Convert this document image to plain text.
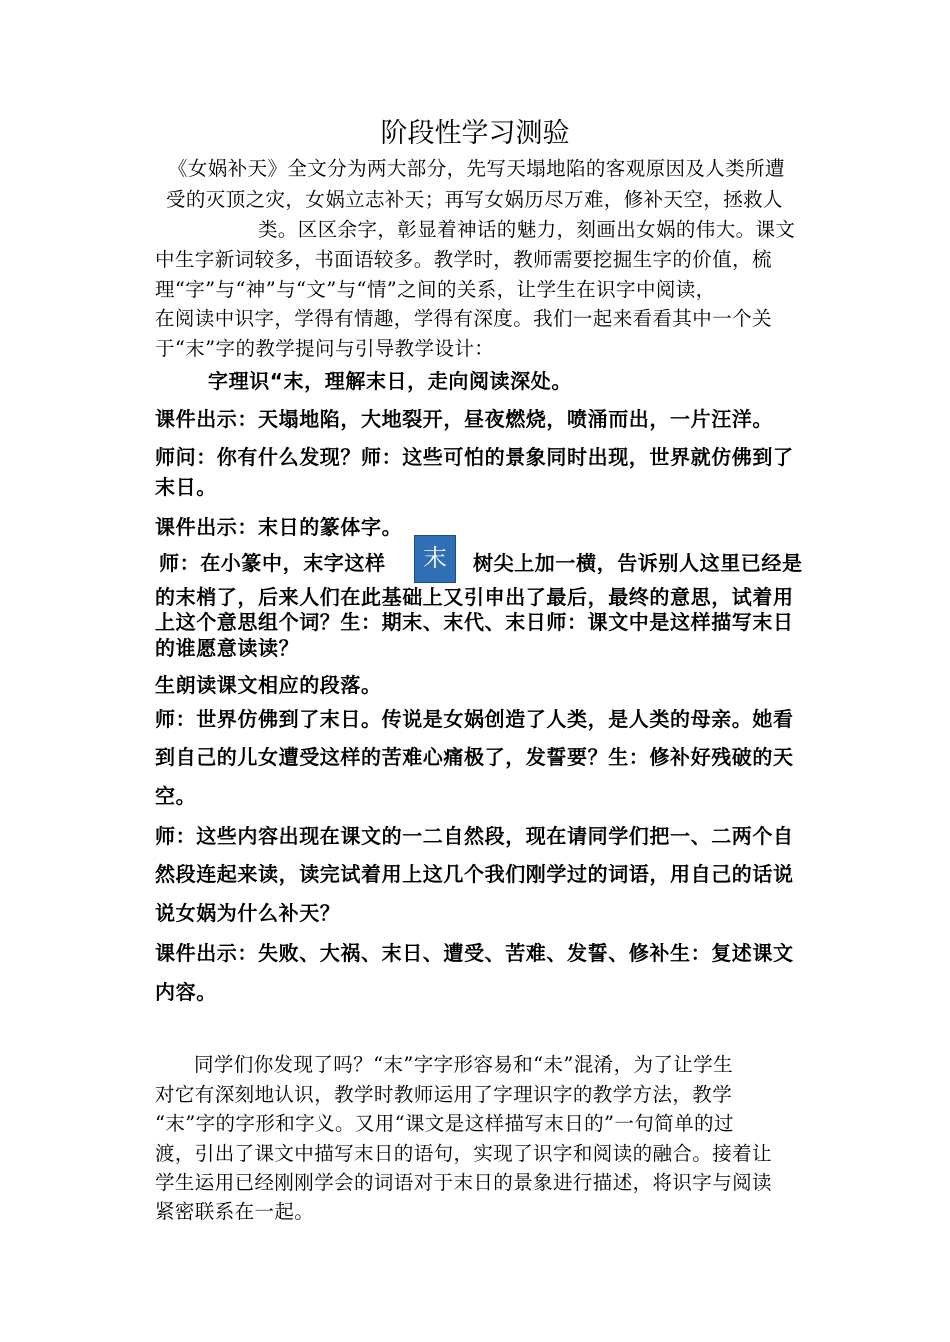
阶段性学习测验
《女娲补天》全文分为两大部分，先写天塌地陷的客观原因及人类所遭
受的灭顶之灾，女娲立志补天；再写女娲历尽万难，修补天空，拯救人
类。区区余字，彰显着神话的魅力，刻画出女娲的伟大。课文
中生字新词较多，书面语较多。教学时，教师需要挖掘生字的价值，梳
理“字”与“神”与“文”与“情”之间的关系，让学生在识字中阅读，
在阅读中识字，学得有情趣，学得有深度。我们一起来看看其中一个关
于“末”字的教学提问与引导教学设计：
字理识“末，理解末日，走向阅读深处。
课件出示：天塌地陷，大地裂开，昼夜燃烧，喷涌而出，一片汪洋。
师问：你有什么发现？师：这些可怕的景象同时出现，世界就仿佛到了
末日。
课件出示：末日的篆体字。
师：在小篆中，末字这样	树尖上加一横，告诉别人这里已经是
末
的末梢了，后来人们在此基础上又引申出了最后，最终的意思，试着用
上这个意思组个词？生：期末、末代、末日师：课文中是这样描写末日
的谁愿意读读？
生朗读课文相应的段落。
师：世界仿佛到了末日。传说是女娲创造了人类，是人类的母亲。她看
到自己的儿女遭受这样的苦难心痛极了，发誓要？生：修补好残破的天
空。
师：这些内容出现在课文的一二自然段，现在请同学们把一、二两个自
然段连起来读，读完试着用上这几个我们刚学过的词语，用自己的话说
说女娲为什么补天？
课件出示：失败、大祸、末日、遭受、苦难、发誓、修补生：复述课文
内容。
同学们你发现了吗？“末”字字形容易和“未”混淆，为了让学生
对它有深刻地认识，教学时教师运用了字理识字的教学方法，教学
“末”字的字形和字义。又用“课文是这样描写末日的”一句简单的过
渡，引出了课文中描写末日的语句，实现了识字和阅读的融合。接着让
学生运用已经刚刚学会的词语对于末日的景象进行描述，将识字与阅读
紧密联系在一起。
